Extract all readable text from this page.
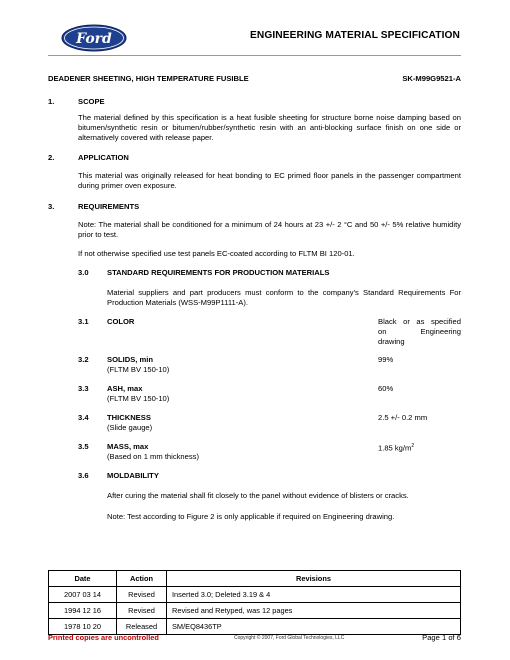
Ford	ENGINEERING MATERIAL SPECIFICATION
DEADENER SHEETING, HIGH TEMPERATURE FUSIBLE	SK-M99G9521-A
1.	SCOPE
The material defined by this specification is a heat fusible sheeting for structure borne noise damping based on bitumen/synthetic resin or bitumen/rubber/synthetic resin with an anti-blocking surface finish on one side or alternatively covered with release paper.
2.	APPLICATION
This material was originally released for heat bonding to EC primed floor panels in the passenger compartment during primer oven exposure.
3.	REQUIREMENTS
Note: The material shall be conditioned for a minimum of 24 hours at 23 +/- 2 °C and 50 +/- 5% relative humidity prior to test.
If not otherwise specified use test panels EC-coated according to FLTM BI 120-01.
3.0 STANDARD REQUIREMENTS FOR PRODUCTION MATERIALS
Material suppliers and part producers must conform to the company's Standard Requirements For Production Materials (WSS-M99P1111-A).
3.1 COLOR	Black or as specified
on Engineering
drawing
3.2 SOLIDS, min
(FLTM BV 150-10)
99%
3.3 ASH, max
(FLTM BV 150-10)
60%
3.4 THICKNESS
(Slide gauge)
2.5 +/- 0.2 mm
3.5 MASS, max
(Based on 1 mm thickness)
1.85 $kg/m^2$
3.6 MOLDABILITY
After curing the material shall fit closely to the panel without evidence of blisters or cracks.
Note: Test according to Figure 2 is only applicable if required on Engineering drawing.
Date	Action	Revisions
2007 03 14	Revised	Inserted 3.0; Deleted 3.19 & 4
1994 12 16	Revised	Revised and Retyped, was 12 pages
1978 10 20	Released	SM/EQ8436TP
Printed copies are uncontrolled	Copyright © 2007, Ford Global Technologies, LLC	Page 1 of 6
